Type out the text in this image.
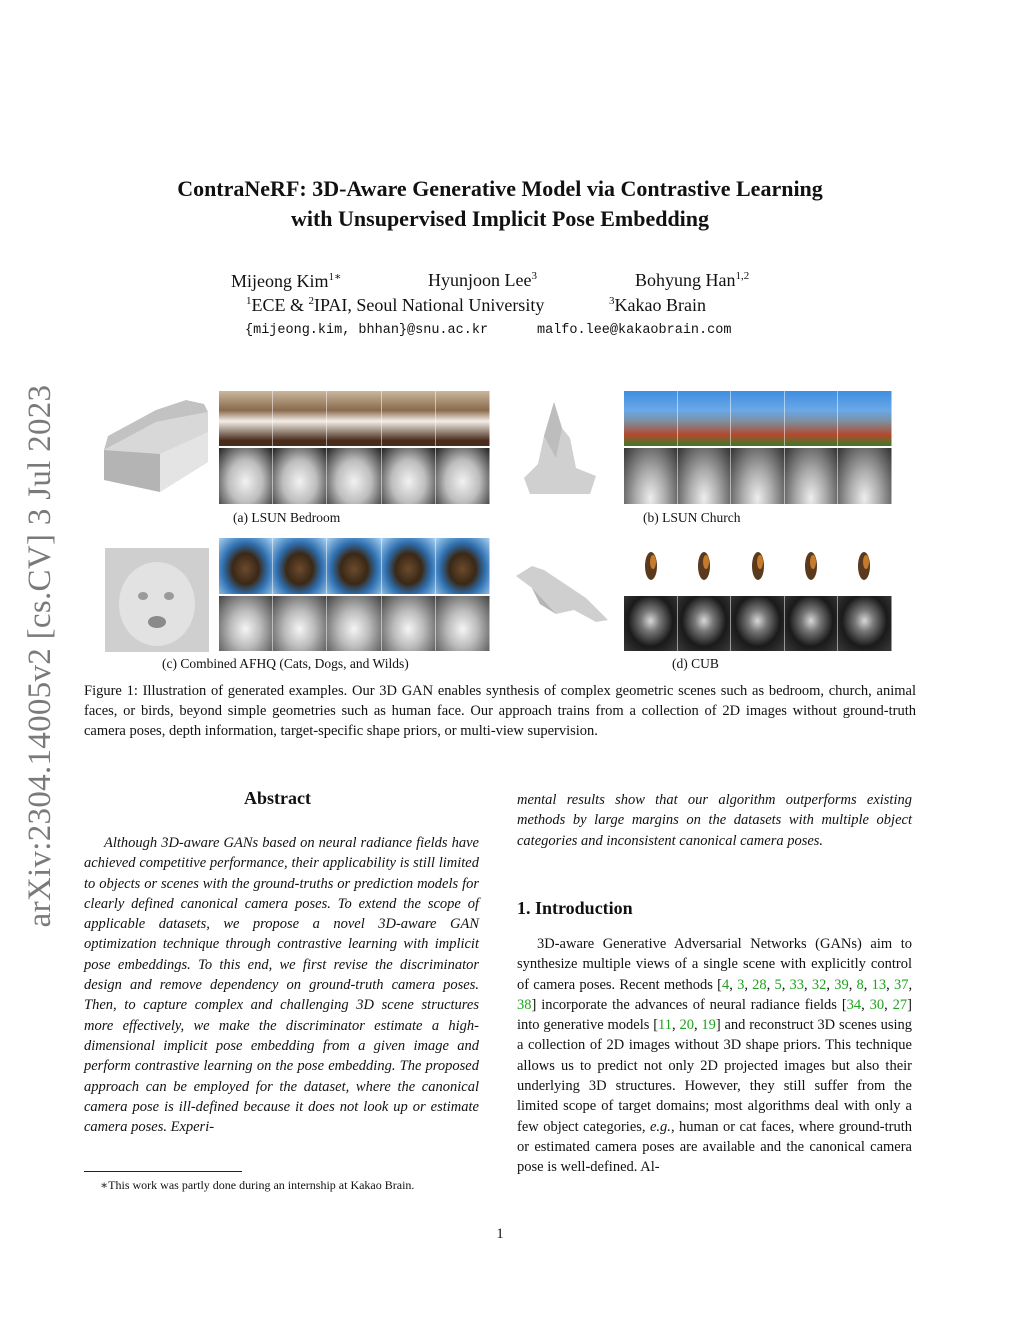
arXiv:2304.14005v2 [cs.CV] 3 Jul 2023
ContraNeRF: 3D-Aware Generative Model via Contrastive Learning
with Unsupervised Implicit Pose Embedding
Mijeong Kim$^{1∗}$	Hyunjoon Lee$^3$	Bohyung Han$^{1,2}$
$^1$ECE & $^2$IPAI, Seoul National University	$^3$Kakao Brain
{mijeong.kim, bhhan}@snu.ac.kr	malfo.lee@kakaobrain.com
(a) LSUN Bedroom	(b) LSUN Church
(c) Combined AFHQ (Cats, Dogs, and Wilds)	(d) CUB
Figure 1: Illustration of generated examples. Our 3D GAN enables synthesis of complex geometric scenes such as bedroom, church, animal faces, or birds, beyond simple geometries such as human face. Our approach trains from a collection of 2D images without ground-truth camera poses, depth information, target-specific shape priors, or multi-view supervision.
Abstract
Although 3D-aware GANs based on neural radiance fields have achieved competitive performance, their applicability is still limited to objects or scenes with the ground-truths or prediction models for clearly defined canonical camera poses. To extend the scope of applicable datasets, we propose a novel 3D-aware GAN optimization technique through contrastive learning with implicit pose embeddings. To this end, we first revise the discriminator design and remove dependency on ground-truth camera poses. Then, to capture complex and challenging 3D scene structures more effectively, we make the discriminator estimate a high-dimensional implicit pose embedding from a given image and perform contrastive learning on the pose embedding. The proposed approach can be employed for the dataset, where the canonical camera pose is ill-defined because it does not look up or estimate camera poses. Experi-
∗This work was partly done during an internship at Kakao Brain.
mental results show that our algorithm outperforms existing methods by large margins on the datasets with multiple object categories and inconsistent canonical camera poses.
1. Introduction
3D-aware Generative Adversarial Networks (GANs) aim to synthesize multiple views of a single scene with explicitly control of camera poses. Recent methods [4, 3, 28, 5, 33, 32, 39, 8, 13, 37, 38] incorporate the advances of neural radiance fields [34, 30, 27] into generative models [11, 20, 19] and reconstruct 3D scenes using a collection of 2D images without 3D shape priors. This technique allows us to predict not only 2D projected images but also their underlying 3D structures. However, they still suffer from the limited scope of target domains; most algorithms deal with only a few object categories, e.g., human or cat faces, where ground-truth or estimated camera poses are available and the canonical camera pose is well-defined. Al-
1
